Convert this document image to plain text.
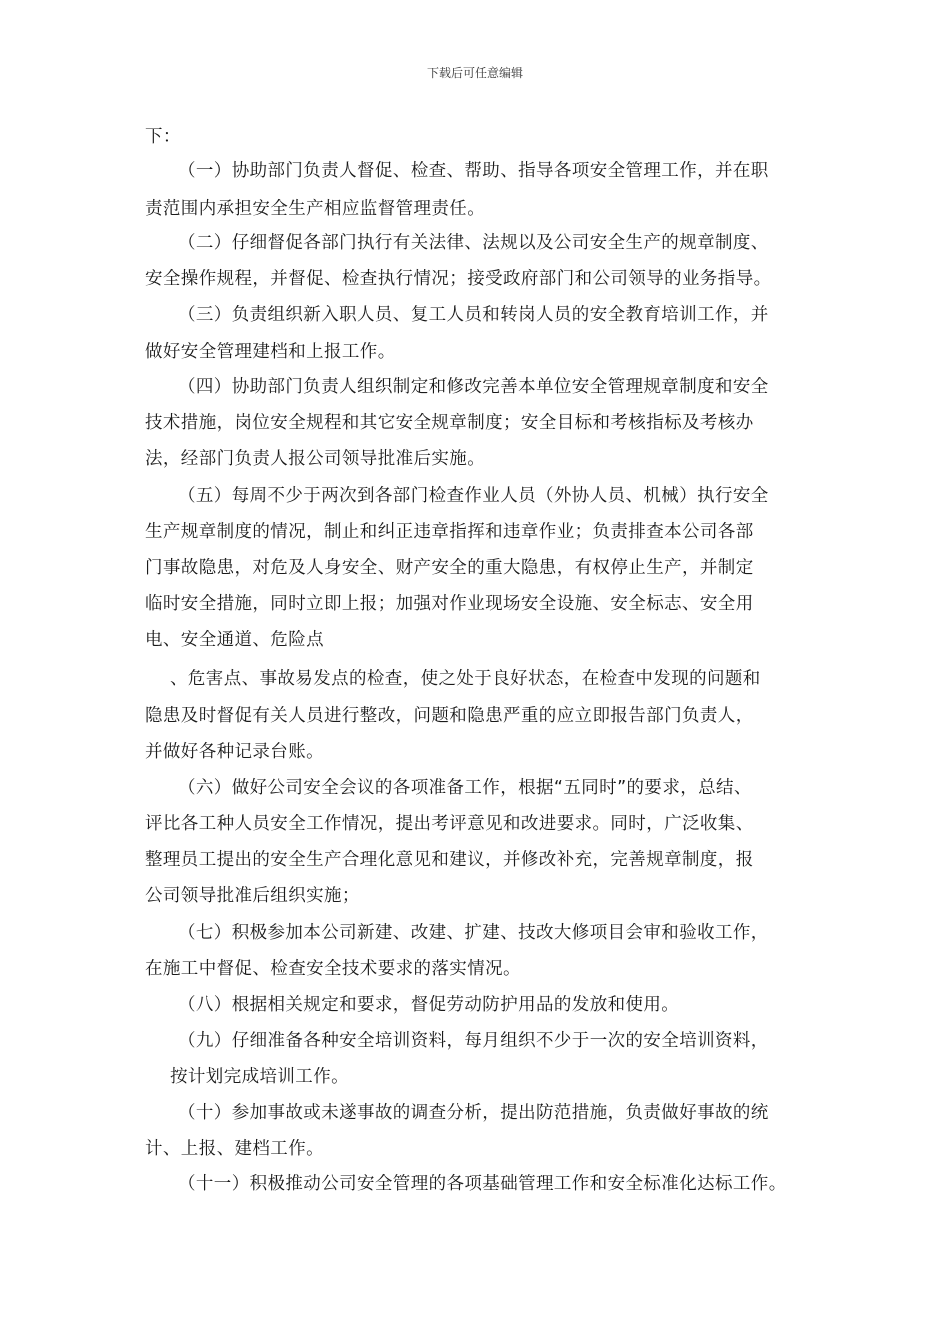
下载后可任意编辑
下：
（一）协助部门负责人督促、检查、帮助、指导各项安全管理工作，并在职
责范围内承担安全生产相应监督管理责任。
（二）仔细督促各部门执行有关法律、法规以及公司安全生产的规章制度、
安全操作规程，并督促、检查执行情况；接受政府部门和公司领导的业务指导。
（三）负责组织新入职人员、复工人员和转岗人员的安全教育培训工作，并
做好安全管理建档和上报工作。
（四）协助部门负责人组织制定和修改完善本单位安全管理规章制度和安全
技术措施，岗位安全规程和其它安全规章制度；安全目标和考核指标及考核办
法，经部门负责人报公司领导批准后实施。
（五）每周不少于两次到各部门检查作业人员（外协人员、机械）执行安全
生产规章制度的情况，制止和纠正违章指挥和违章作业；负责排查本公司各部
门事故隐患，对危及人身安全、财产安全的重大隐患，有权停止生产，并制定
临时安全措施，同时立即上报；加强对作业现场安全设施、安全标志、安全用
电、安全通道、危险点
、危害点、事故易发点的检查，使之处于良好状态，在检查中发现的问题和
隐患及时督促有关人员进行整改，问题和隐患严重的应立即报告部门负责人，
并做好各种记录台账。
（六）做好公司安全会议的各项准备工作，根据“五同时”的要求，总结、
评比各工种人员安全工作情况，提出考评意见和改进要求。同时，广泛收集、
整理员工提出的安全生产合理化意见和建议，并修改补充，完善规章制度，报
公司领导批准后组织实施；
（七）积极参加本公司新建、改建、扩建、技改大修项目会审和验收工作，
在施工中督促、检查安全技术要求的落实情况。
（八）根据相关规定和要求，督促劳动防护用品的发放和使用。
（九）仔细准备各种安全培训资料，每月组织不少于一次的安全培训资料，
按计划完成培训工作。
（十）参加事故或未遂事故的调查分析，提出防范措施，负责做好事故的统
计、上报、建档工作。
（十一）积极推动公司安全管理的各项基础管理工作和安全标准化达标工作。
